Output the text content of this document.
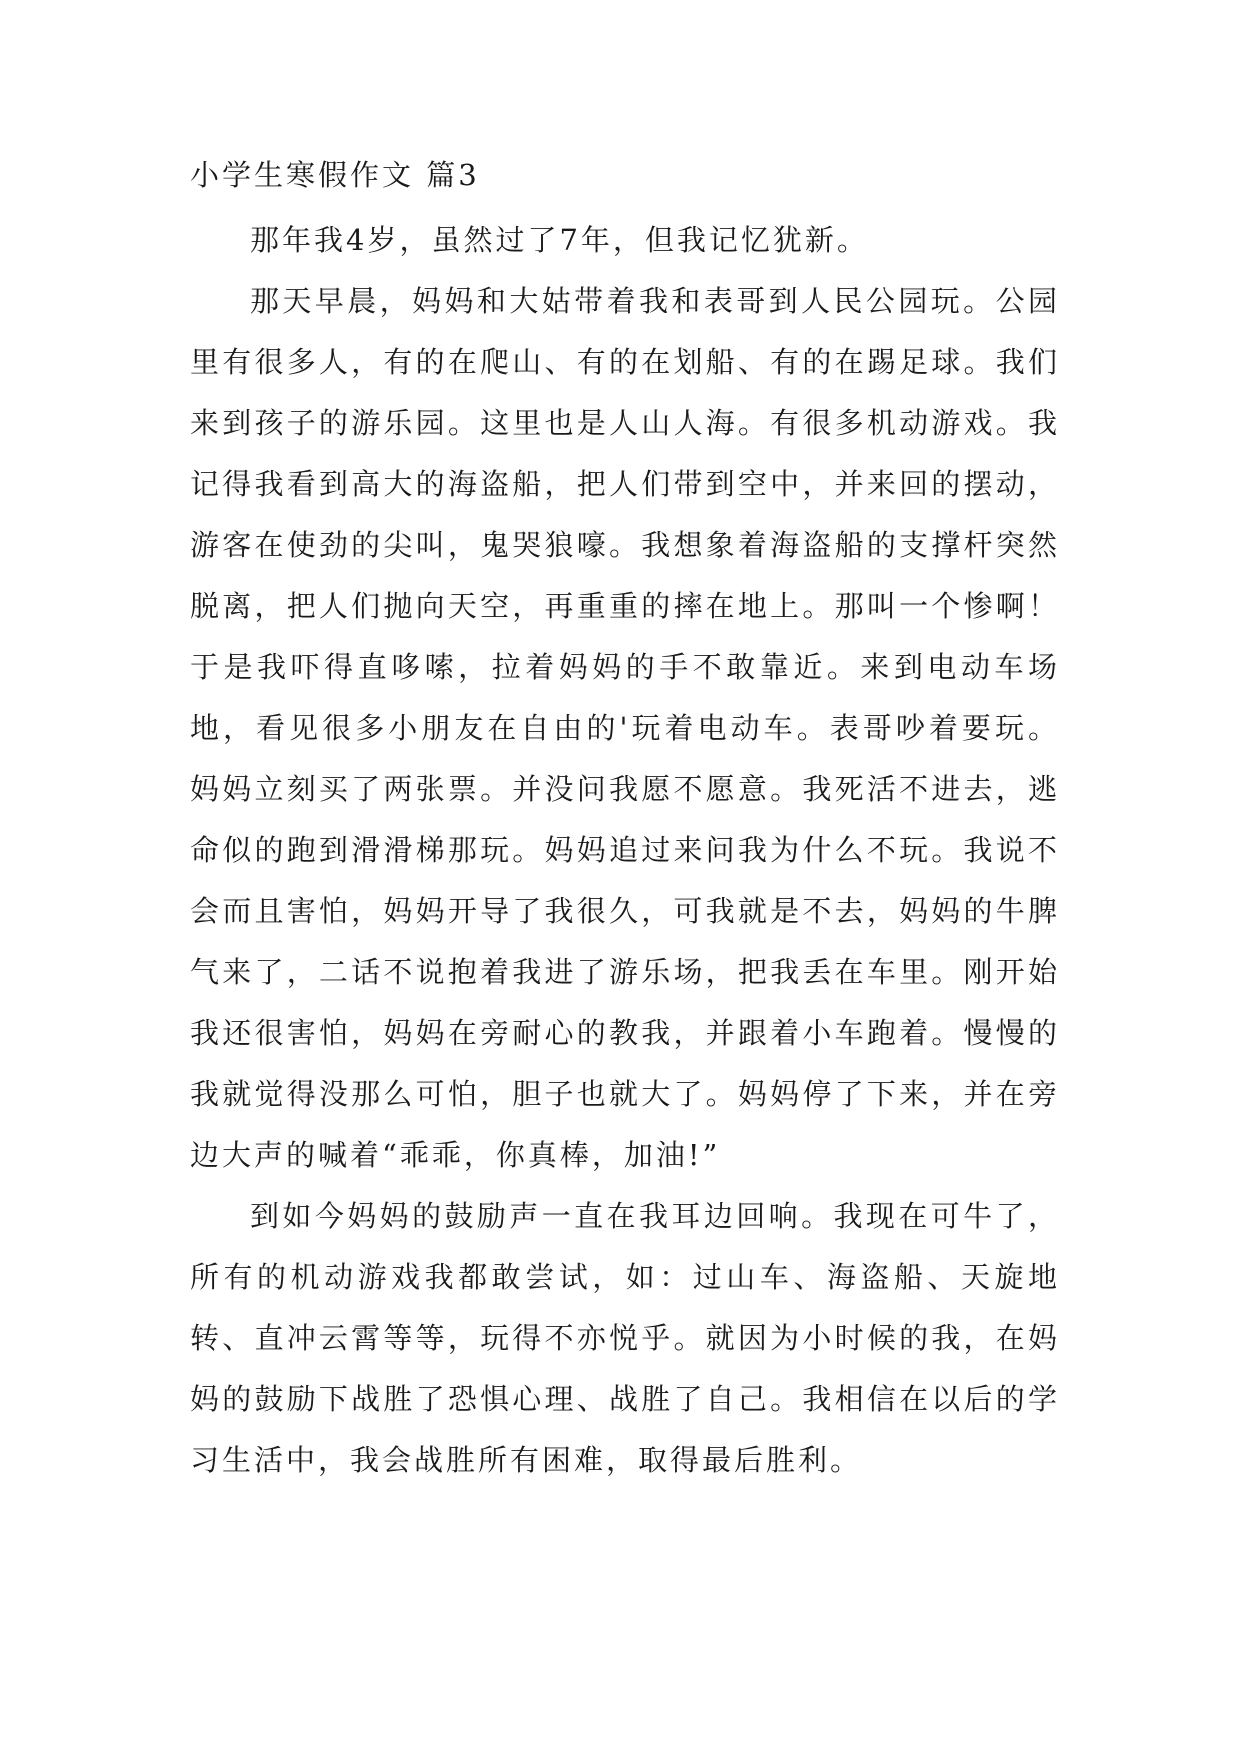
小学生寒假作文 篇3

那年我4岁，虽然过了7年，但我记忆犹新。

那天早晨，妈妈和大姑带着我和表哥到人民公园玩。公园里有很多人，有的在爬山、有的在划船、有的在踢足球。我们来到孩子的游乐园。这里也是人山人海。有很多机动游戏。我记得我看到高大的海盗船，把人们带到空中，并来回的摆动，游客在使劲的尖叫，鬼哭狼嚎。我想象着海盗船的支撑杆突然脱离，把人们抛向天空，再重重的摔在地上。那叫一个惨啊！于是我吓得直哆嗦，拉着妈妈的手不敢靠近。来到电动车场地，看见很多小朋友在自由的'玩着电动车。表哥吵着要玩。妈妈立刻买了两张票。并没问我愿不愿意。我死活不进去，逃命似的跑到滑滑梯那玩。妈妈追过来问我为什么不玩。我说不会而且害怕，妈妈开导了我很久，可我就是不去，妈妈的牛脾气来了，二话不说抱着我进了游乐场，把我丢在车里。刚开始我还很害怕，妈妈在旁耐心的教我，并跟着小车跑着。慢慢的我就觉得没那么可怕，胆子也就大了。妈妈停了下来，并在旁边大声的喊着“乖乖，你真棒，加油!”

到如今妈妈的鼓励声一直在我耳边回响。我现在可牛了，所有的机动游戏我都敢尝试，如：过山车、海盗船、天旋地转、直冲云霄等等，玩得不亦悦乎。就因为小时候的我，在妈妈的鼓励下战胜了恐惧心理、战胜了自己。我相信在以后的学习生活中，我会战胜所有困难，取得最后胜利。
